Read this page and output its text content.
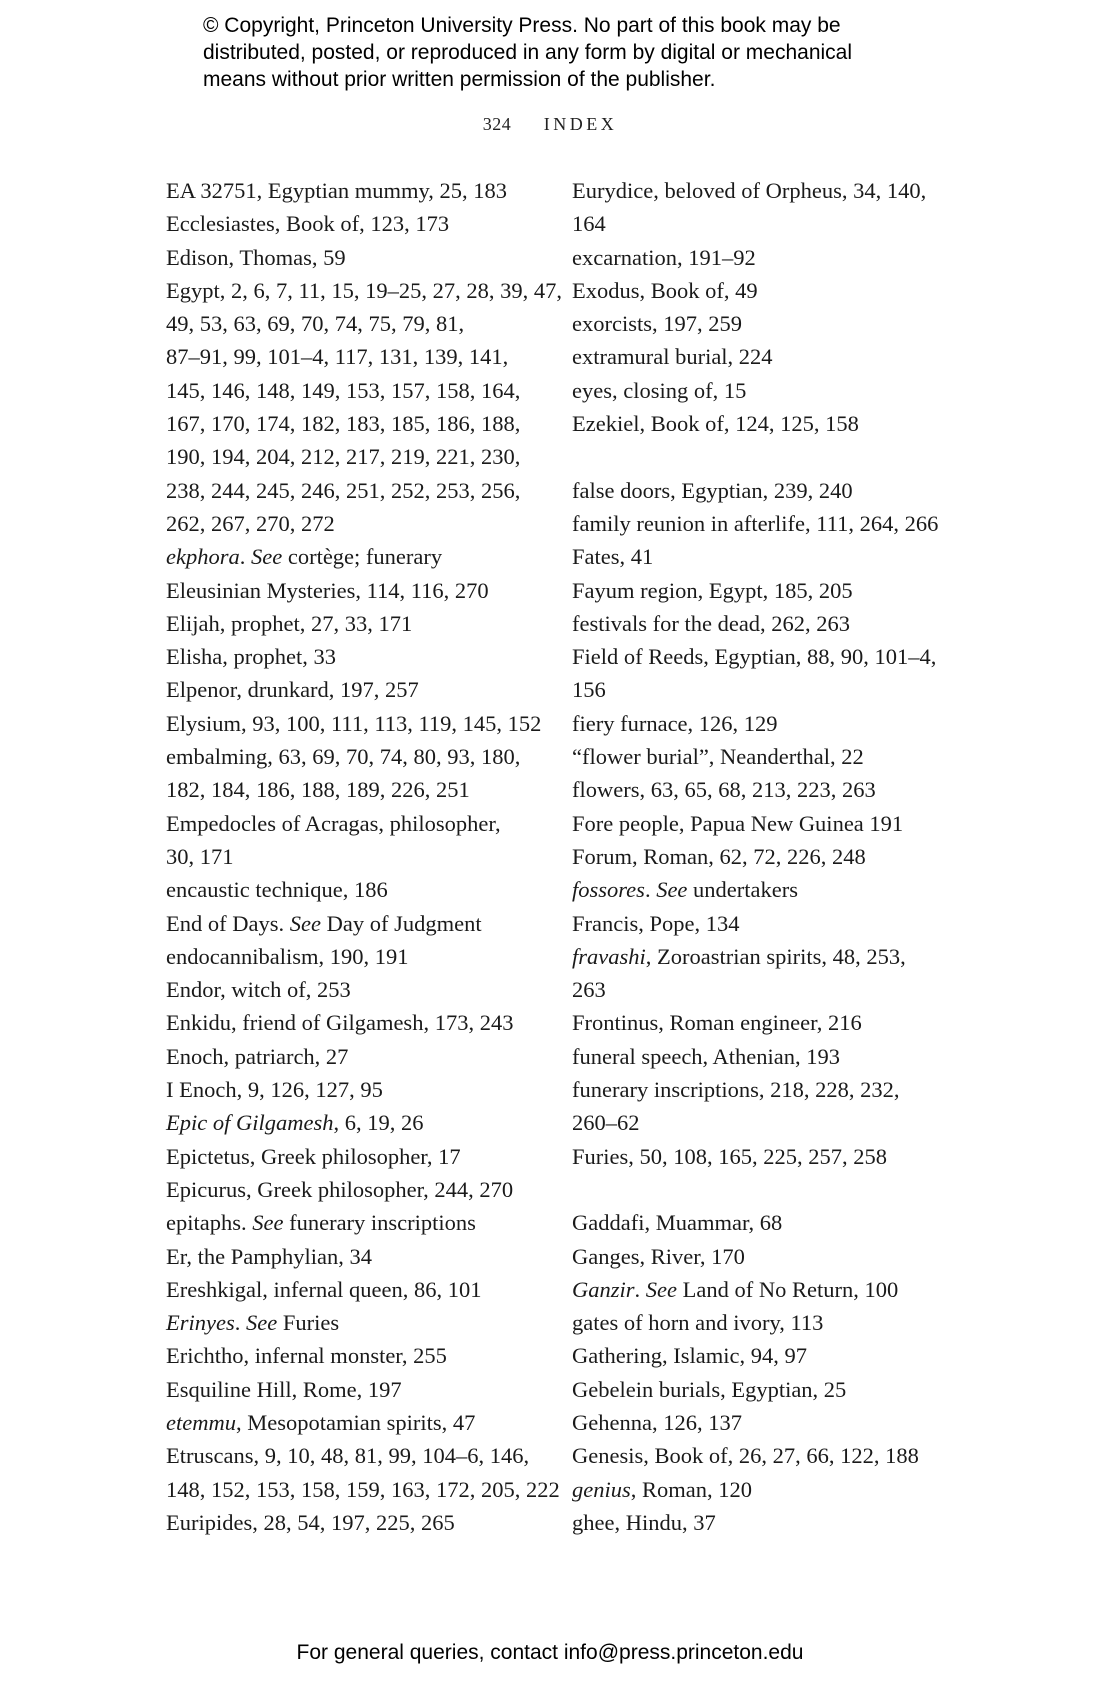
© Copyright, Princeton University Press. No part of this book may be
distributed, posted, or reproduced in any form by digital or mechanical
means without prior written permission of the publisher.
324 INDEX
EA 32751, Egyptian mummy, 25, 183
Ecclesiastes, Book of, 123, 173
Edison, Thomas, 59
Egypt, 2, 6, 7, 11, 15, 19–25, 27, 28, 39, 47,
49, 53, 63, 69, 70, 74, 75, 79, 81,
87–91, 99, 101–4, 117, 131, 139, 141,
145, 146, 148, 149, 153, 157, 158, 164,
167, 170, 174, 182, 183, 185, 186, 188,
190, 194, 204, 212, 217, 219, 221, 230,
238, 244, 245, 246, 251, 252, 253, 256,
262, 267, 270, 272
ekphora. See cortège; funerary
Eleusinian Mysteries, 114, 116, 270
Elijah, prophet, 27, 33, 171
Elisha, prophet, 33
Elpenor, drunkard, 197, 257
Elysium, 93, 100, 111, 113, 119, 145, 152
embalming, 63, 69, 70, 74, 80, 93, 180,
182, 184, 186, 188, 189, 226, 251
Empedocles of Acragas, philosopher,
30, 171
encaustic technique, 186
End of Days. See Day of Judgment
endocannibalism, 190, 191
Endor, witch of, 253
Enkidu, friend of Gilgamesh, 173, 243
Enoch, patriarch, 27
I Enoch, 9, 126, 127, 95
Epic of Gilgamesh, 6, 19, 26
Epictetus, Greek philosopher, 17
Epicurus, Greek philosopher, 244, 270
epitaphs. See funerary inscriptions
Er, the Pamphylian, 34
Ereshkigal, infernal queen, 86, 101
Erinyes. See Furies
Erichtho, infernal monster, 255
Esquiline Hill, Rome, 197
etemmu, Mesopotamian spirits, 47
Etruscans, 9, 10, 48, 81, 99, 104–6, 146,
148, 152, 153, 158, 159, 163, 172, 205, 222
Euripides, 28, 54, 197, 225, 265
Eurydice, beloved of Orpheus, 34, 140,
164
excarnation, 191–92
Exodus, Book of, 49
exorcists, 197, 259
extramural burial, 224
eyes, closing of, 15
Ezekiel, Book of, 124, 125, 158
false doors, Egyptian, 239, 240
family reunion in afterlife, 111, 264, 266
Fates, 41
Fayum region, Egypt, 185, 205
festivals for the dead, 262, 263
Field of Reeds, Egyptian, 88, 90, 101–4,
156
fiery furnace, 126, 129
“flower burial”, Neanderthal, 22
flowers, 63, 65, 68, 213, 223, 263
Fore people, Papua New Guinea 191
Forum, Roman, 62, 72, 226, 248
fossores. See undertakers
Francis, Pope, 134
fravashi, Zoroastrian spirits, 48, 253,
263
Frontinus, Roman engineer, 216
funeral speech, Athenian, 193
funerary inscriptions, 218, 228, 232,
260–62
Furies, 50, 108, 165, 225, 257, 258
Gaddafi, Muammar, 68
Ganges, River, 170
Ganzir. See Land of No Return, 100
gates of horn and ivory, 113
Gathering, Islamic, 94, 97
Gebelein burials, Egyptian, 25
Gehenna, 126, 137
Genesis, Book of, 26, 27, 66, 122, 188
genius, Roman, 120
ghee, Hindu, 37
For general queries, contact info@press.princeton.edu
